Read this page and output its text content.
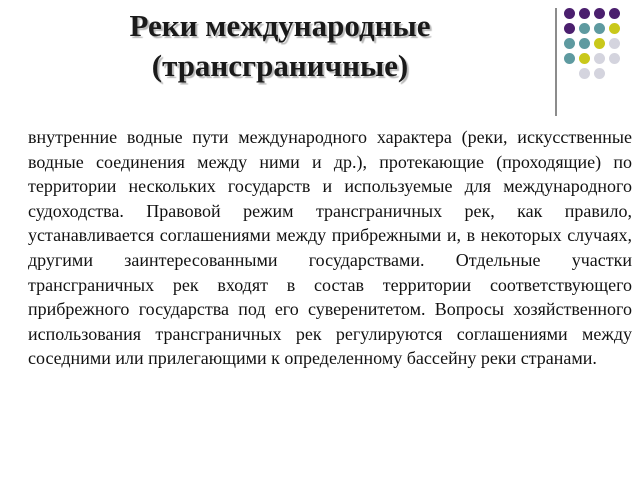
Реки международные
(трансграничные)

внутренние водные пути международного характера (реки, искусственные водные соединения между ними и др.), протекающие (проходящие) по территории нескольких государств и используемые для международного судоходства. Правовой режим трансграничных рек, как правило, устанавливается соглашениями между прибрежными и, в некоторых случаях, другими заинтересованными государствами. Отдельные участки трансграничных рек входят в состав территории соответствующего прибрежного государства под его суверенитетом. Вопросы хозяйственного использования трансграничных рек регулируются соглашениями между соседними или прилегающими к определенному бассейну реки странами.
